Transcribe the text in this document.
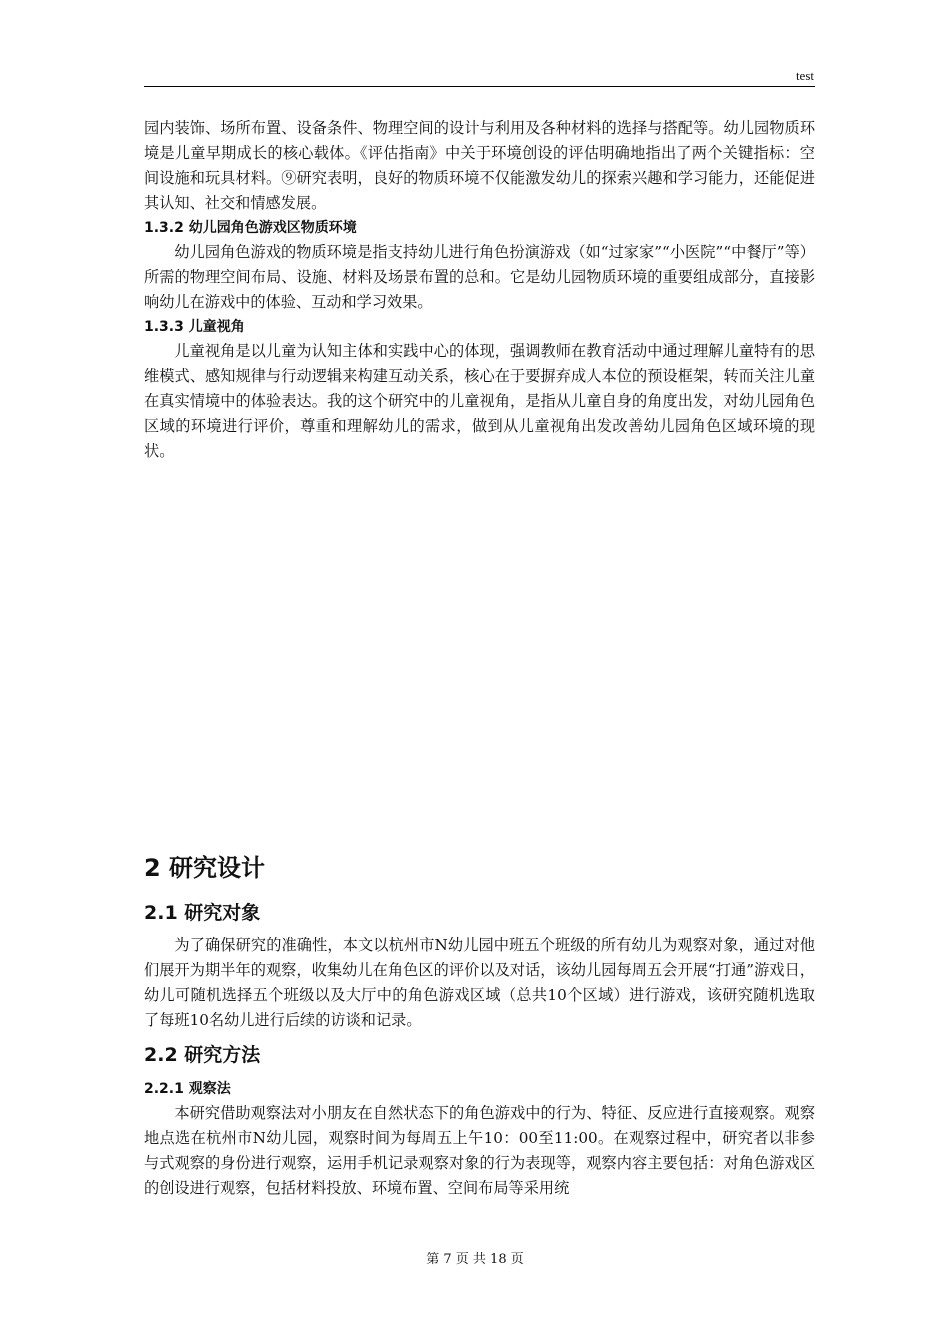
test

园内装饰、场所布置、设备条件、物理空间的设计与利用及各种材料的选择与搭配等。幼儿园物质环境是儿童早期成长的核心载体。《评估指南》中关于环境创设的评估明确地指出了两个关键指标：空间设施和玩具材料。⑨研究表明，良好的物质环境不仅能激发幼儿的探索兴趣和学习能力，还能促进其认知、社交和情感发展。

1.3.2 幼儿园角色游戏区物质环境

幼儿园角色游戏的物质环境是指支持幼儿进行角色扮演游戏（如“过家家”“小医院”“中餐厅”等）所需的物理空间布局、设施、材料及场景布置的总和。它是幼儿园物质环境的重要组成部分，直接影响幼儿在游戏中的体验、互动和学习效果。

1.3.3 儿童视角

儿童视角是以儿童为认知主体和实践中心的体现，强调教师在教育活动中通过理解儿童特有的思维模式、感知规律与行动逻辑来构建互动关系，核心在于要摒弃成人本位的预设框架，转而关注儿童在真实情境中的体验表达。我的这个研究中的儿童视角，是指从儿童自身的角度出发，对幼儿园角色区域的环境进行评价，尊重和理解幼儿的需求，做到从儿童视角出发改善幼儿园角色区域环境的现状。

2 研究设计
2.1 研究对象

为了确保研究的准确性，本文以杭州市N幼儿园中班五个班级的所有幼儿为观察对象，通过对他们展开为期半年的观察，收集幼儿在角色区的评价以及对话，该幼儿园每周五会开展“打通”游戏日，幼儿可随机选择五个班级以及大厅中的角色游戏区域（总共10个区域）进行游戏，该研究随机选取了每班10名幼儿进行后续的访谈和记录。

2.2 研究方法

2.2.1 观察法

本研究借助观察法对小朋友在自然状态下的角色游戏中的行为、特征、反应进行直接观察。观察地点选在杭州市N幼儿园，观察时间为每周五上午10：00至11:00。在观察过程中，研究者以非参与式观察的身份进行观察，运用手机记录观察对象的行为表现等，观察内容主要包括：对角色游戏区的创设进行观察，包括材料投放、环境布置、空间布局等采用统

第 7 页 共 18 页
